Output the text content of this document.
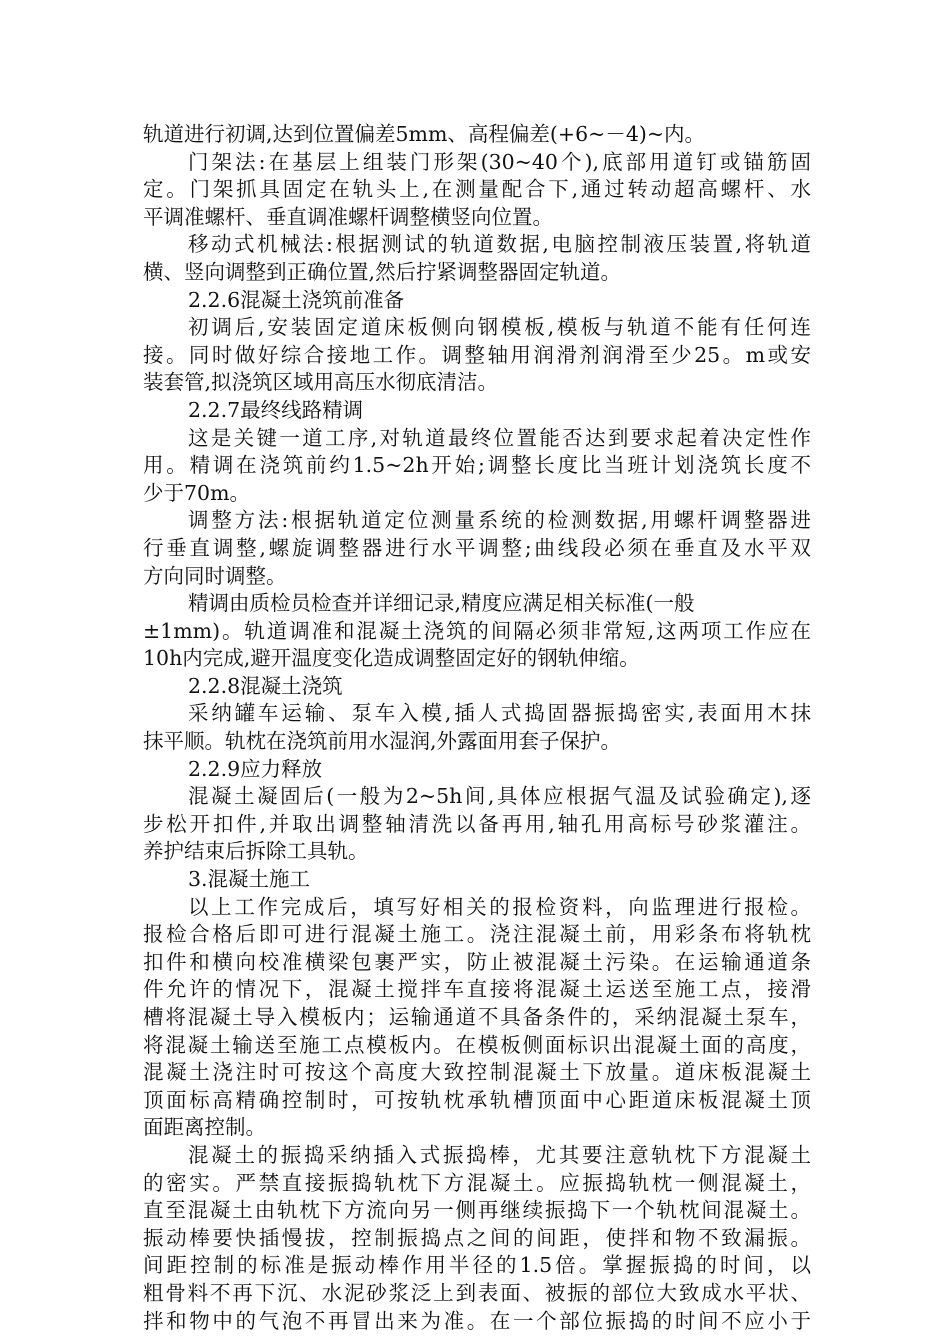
轨道进行初调,达到位置偏差5mm、高程偏差(+6~－4)~内。
门架法:在基层上组装门形架(30~40个),底部用道钉或锚筋固
定。门架抓具固定在轨头上,在测量配合下,通过转动超高螺杆、水
平调准螺杆、垂直调准螺杆调整横竖向位置。
移动式机械法:根据测试的轨道数据,电脑控制液压装置,将轨道
横、竖向调整到正确位置,然后拧紧调整器固定轨道。
2.2.6混凝土浇筑前准备
初调后,安装固定道床板侧向钢模板,模板与轨道不能有任何连
接。同时做好综合接地工作。调整轴用润滑剂润滑至少25。m或安
装套管,拟浇筑区域用高压水彻底清洁。
2.2.7最终线路精调
这是关键一道工序,对轨道最终位置能否达到要求起着决定性作
用。精调在浇筑前约1.5~2h开始;调整长度比当班计划浇筑长度不
少于70m。
调整方法:根据轨道定位测量系统的检测数据,用螺杆调整器进
行垂直调整,螺旋调整器进行水平调整;曲线段必须在垂直及水平双
方向同时调整。
精调由质检员检查并详细记录,精度应满足相关标准(一般
±1mm)。轨道调准和混凝土浇筑的间隔必须非常短,这两项工作应在
10h内完成,避开温度变化造成调整固定好的钢轨伸缩。
2.2.8混凝土浇筑
采纳罐车运输、泵车入模,插人式捣固器振捣密实,表面用木抹
抹平顺。轨枕在浇筑前用水湿润,外露面用套子保护。
2.2.9应力释放
混凝土凝固后(一般为2~5h间,具体应根据气温及试验确定),逐
步松开扣件,并取出调整轴清洗以备再用,轴孔用高标号砂浆灌注。
养护结束后拆除工具轨。
3.混凝土施工
以上工作完成后，填写好相关的报检资料，向监理进行报检。
报检合格后即可进行混凝土施工。浇注混凝土前，用彩条布将轨枕
扣件和横向校准横梁包裹严实，防止被混凝土污染。在运输通道条
件允许的情况下，混凝土搅拌车直接将混凝土运送至施工点，接滑
槽将混凝土导入模板内；运输通道不具备条件的，采纳混凝土泵车，
将混凝土输送至施工点模板内。在模板侧面标识出混凝土面的高度，
混凝土浇注时可按这个高度大致控制混凝土下放量。道床板混凝土
顶面标高精确控制时，可按轨枕承轨槽顶面中心距道床板混凝土顶
面距离控制。
混凝土的振捣采纳插入式振捣棒，尤其要注意轨枕下方混凝土
的密实。严禁直接振捣轨枕下方混凝土。应振捣轨枕一侧混凝土，
直至混凝土由轨枕下方流向另一侧再继续振捣下一个轨枕间混凝土。
振动棒要快插慢拔，控制振捣点之间的间距，使拌和物不致漏振。
间距控制的标准是振动棒作用半径的1.5倍。掌握振捣的时间，以
粗骨料不再下沉、水泥砂浆泛上到表面、被振的部位大致成水平状、
拌和物中的气泡不再冒出来为准。在一个部位振捣的时间不应小于
